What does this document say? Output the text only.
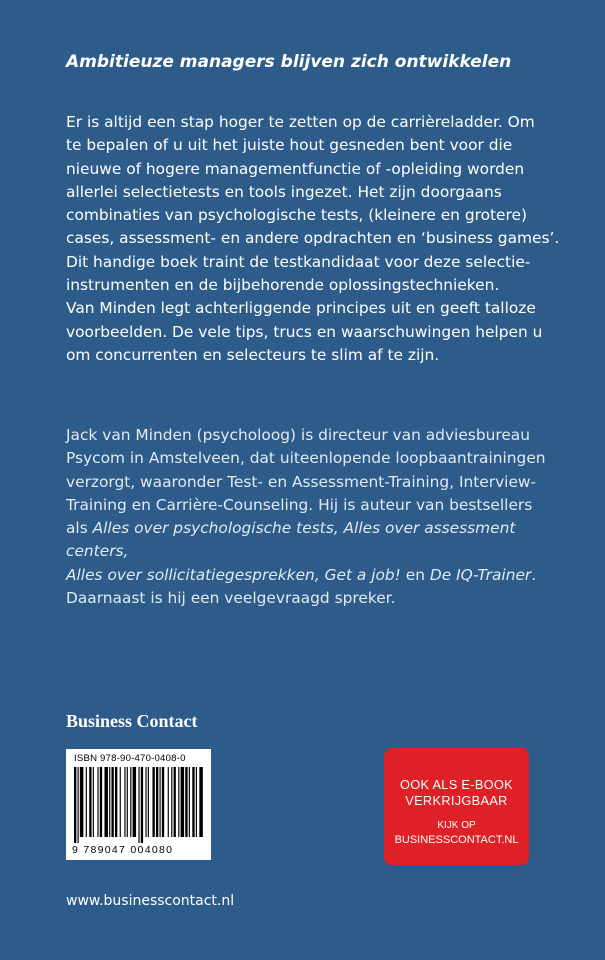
Ambitieuze managers blijven zich ontwikkelen
Er is altijd een stap hoger te zetten op de carrièreladder. Om
te bepalen of u uit het juiste hout gesneden bent voor die
nieuwe of hogere managementfunctie of -opleiding worden
allerlei selectietests en tools ingezet. Het zijn doorgaans
combinaties van psychologische tests, (kleinere en grotere)
cases, assessment- en andere opdrachten en ‘business games’.
Dit handige boek traint de testkandidaat voor deze selectie-
instrumenten en de bijbehorende oplossingstechnieken.
Van Minden legt achterliggende principes uit en geeft talloze
voorbeelden. De vele tips, trucs en waarschuwingen helpen u
om concurrenten en selecteurs te slim af te zijn.
Jack van Minden (psycholoog) is directeur van adviesbureau
Psycom in Amstelveen, dat uiteenlopende loopbaantrainingen
verzorgt, waaronder Test- en Assessment-Training, Interview-
Training en Carrière-Counseling. Hij is auteur van bestsellers
als Alles over psychologische tests, Alles over assessment centers,
Alles over sollicitatiegesprekken, Get a job! en De IQ-Trainer.
Daarnaast is hij een veelgevraagd spreker.
Business Contact
ISBN 978-90-470-0408-0
9 789047 004080
OOK ALS E-BOOK
VERKRIJGBAAR
KIJK OP
BUSINESSCONTACT.NL
www.businesscontact.nl
